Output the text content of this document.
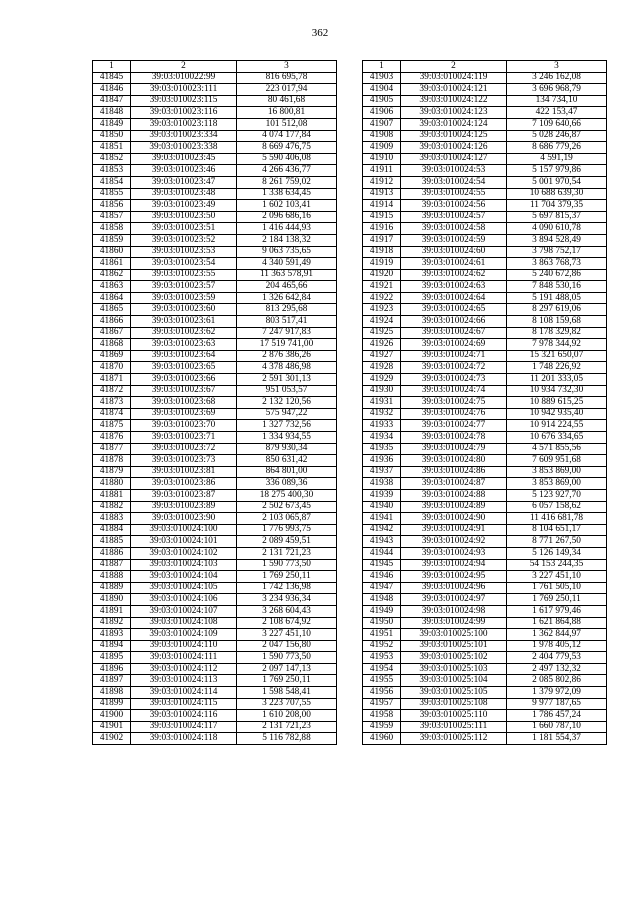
362
1	2	3
41845	39:03:010022:99	816 695,78
41846	39:03:010023:111	223 017,94
41847	39:03:010023:115	80 461,68
41848	39:03:010023:116	16 800,81
41849	39:03:010023:118	101 512,08
41850	39:03:010023:334	4 074 177,84
41851	39:03:010023:338	8 669 476,75
41852	39:03:010023:45	5 590 406,08
41853	39:03:010023:46	4 266 436,77
41854	39:03:010023:47	8 261 759,02
41855	39:03:010023:48	1 338 634,45
41856	39:03:010023:49	1 602 103,41
41857	39:03:010023:50	2 096 686,16
41858	39:03:010023:51	1 416 444,93
41859	39:03:010023:52	2 184 138,32
41860	39:03:010023:53	9 063 735,65
41861	39:03:010023:54	4 340 591,49
41862	39:03:010023:55	11 363 578,91
41863	39:03:010023:57	204 465,66
41864	39:03:010023:59	1 326 642,84
41865	39:03:010023:60	813 295,68
41866	39:03:010023:61	803 517,41
41867	39:03:010023:62	7 247 917,83
41868	39:03:010023:63	17 519 741,00
41869	39:03:010023:64	2 876 386,26
41870	39:03:010023:65	4 378 486,98
41871	39:03:010023:66	2 591 301,13
41872	39:03:010023:67	951 053,57
41873	39:03:010023:68	2 132 120,56
41874	39:03:010023:69	575 947,22
41875	39:03:010023:70	1 327 732,56
41876	39:03:010023:71	1 334 934,55
41877	39:03:010023:72	879 930,34
41878	39:03:010023:73	850 631,42
41879	39:03:010023:81	864 801,00
41880	39:03:010023:86	336 089,36
41881	39:03:010023:87	18 275 400,30
41882	39:03:010023:89	2 502 673,45
41883	39:03:010023:90	2 103 065,87
41884	39:03:010024:100	1 776 993,75
41885	39:03:010024:101	2 089 459,51
41886	39:03:010024:102	2 131 721,23
41887	39:03:010024:103	1 590 773,50
41888	39:03:010024:104	1 769 250,11
41889	39:03:010024:105	1 742 136,98
41890	39:03:010024:106	3 234 936,34
41891	39:03:010024:107	3 268 604,43
41892	39:03:010024:108	2 108 674,92
41893	39:03:010024:109	3 227 451,10
41894	39:03:010024:110	2 047 156,80
41895	39:03:010024:111	1 590 773,50
41896	39:03:010024:112	2 097 147,13
41897	39:03:010024:113	1 769 250,11
41898	39:03:010024:114	1 598 548,41
41899	39:03:010024:115	3 223 707,55
41900	39:03:010024:116	1 610 208,00
41901	39:03:010024:117	2 131 721,23
41902	39:03:010024:118	5 116 782,88
1	2	3
41903	39:03:010024:119	3 246 162,08
41904	39:03:010024:121	3 696 968,79
41905	39:03:010024:122	134 734,10
41906	39:03:010024:123	422 153,47
41907	39:03:010024:124	7 109 640,66
41908	39:03:010024:125	5 028 246,87
41909	39:03:010024:126	8 686 779,26
41910	39:03:010024:127	4 591,19
41911	39:03:010024:53	5 157 979,86
41912	39:03:010024:54	5 001 970,54
41913	39:03:010024:55	10 688 639,30
41914	39:03:010024:56	11 704 379,35
41915	39:03:010024:57	5 697 815,37
41916	39:03:010024:58	4 090 610,78
41917	39:03:010024:59	3 894 528,49
41918	39:03:010024:60	3 798 752,17
41919	39:03:010024:61	3 863 768,73
41920	39:03:010024:62	5 240 672,86
41921	39:03:010024:63	7 848 530,16
41922	39:03:010024:64	5 191 488,05
41923	39:03:010024:65	8 297 619,06
41924	39:03:010024:66	8 108 159,68
41925	39:03:010024:67	8 178 329,82
41926	39:03:010024:69	7 978 344,92
41927	39:03:010024:71	15 321 650,07
41928	39:03:010024:72	1 748 226,92
41929	39:03:010024:73	11 201 333,05
41930	39:03:010024:74	10 934 732,30
41931	39:03:010024:75	10 889 615,25
41932	39:03:010024:76	10 942 935,40
41933	39:03:010024:77	10 914 224,55
41934	39:03:010024:78	10 676 334,65
41935	39:03:010024:79	4 571 855,56
41936	39:03:010024:80	7 609 951,68
41937	39:03:010024:86	3 853 869,00
41938	39:03:010024:87	3 853 869,00
41939	39:03:010024:88	5 123 927,70
41940	39:03:010024:89	6 057 158,62
41941	39:03:010024:90	11 416 681,78
41942	39:03:010024:91	8 104 651,17
41943	39:03:010024:92	8 771 267,50
41944	39:03:010024:93	5 126 149,34
41945	39:03:010024:94	54 153 244,35
41946	39:03:010024:95	3 227 451,10
41947	39:03:010024:96	1 761 505,10
41948	39:03:010024:97	1 769 250,11
41949	39:03:010024:98	1 617 979,46
41950	39:03:010024:99	1 621 864,88
41951	39:03:010025:100	1 362 844,97
41952	39:03:010025:101	1 978 405,12
41953	39:03:010025:102	2 404 779,53
41954	39:03:010025:103	2 497 132,32
41955	39:03:010025:104	2 085 802,86
41956	39:03:010025:105	1 379 972,09
41957	39:03:010025:108	9 977 187,65
41958	39:03:010025:110	1 786 457,24
41959	39:03:010025:111	1 660 787,10
41960	39:03:010025:112	1 181 554,37
